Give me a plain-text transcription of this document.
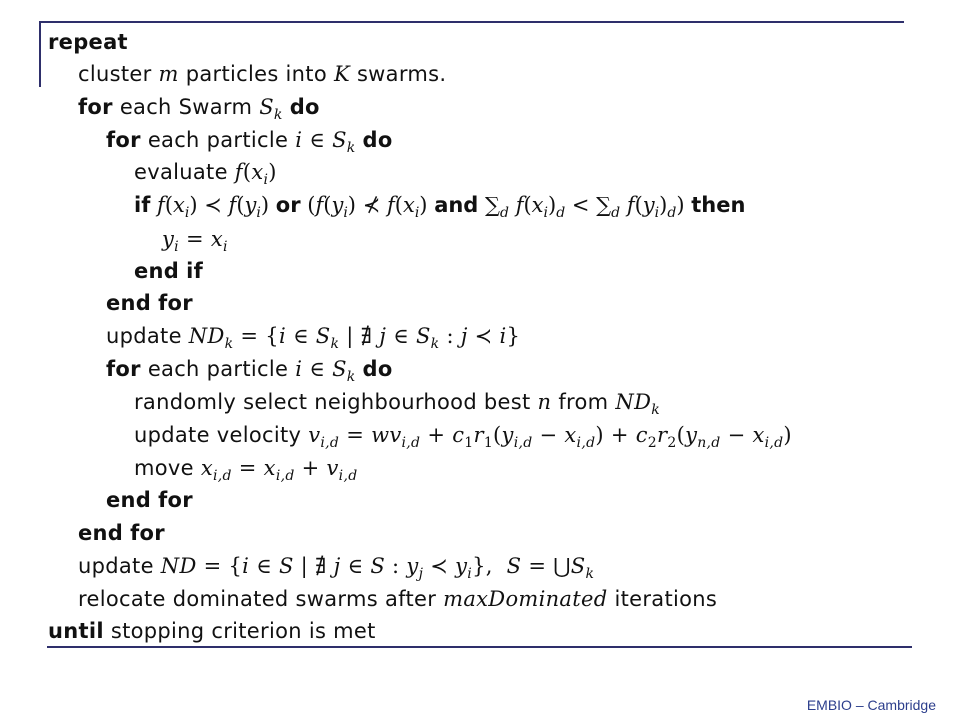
repeat
cluster m particles into K swarms.
for each Swarm $S_k$ do
for each particle i ∈ $S_k$ do
evaluate $f(x_i)$
if $f(x_i)$ ≺ $f(y_i)$ or ($f(y_i)$ ⊀ $f(x_i)$ and $\sum_d$ $f(x_i)_d < \sum_d$ $f(y_i)_d$) then
$y_i = x_i$
end if
end for
update $ND_k = \{i$ ∈ $S_k$ | ∄ j ∈ $S_k$ : j ≺ i}
for each particle i ∈ $S_k$ do
randomly select neighbourhood best n from $ND_k$
update velocity $v_{i,d} = wv_{i,d} + c_1r_1(y_{i,d} - x_{i,d}) + c_2r_2(y_{n,d} - x_{i,d})$
move $x_{i,d} = x_{i,d} + v_{i,d}$
end for
end for
update ND = {i ∈ S | ∄ j ∈ S : $y_j$ ≺ $y_i$}, $S = ⋃S_k$
relocate dominated swarms after maxDominated iterations
until stopping criterion is met
EMBIO – Cambridge
